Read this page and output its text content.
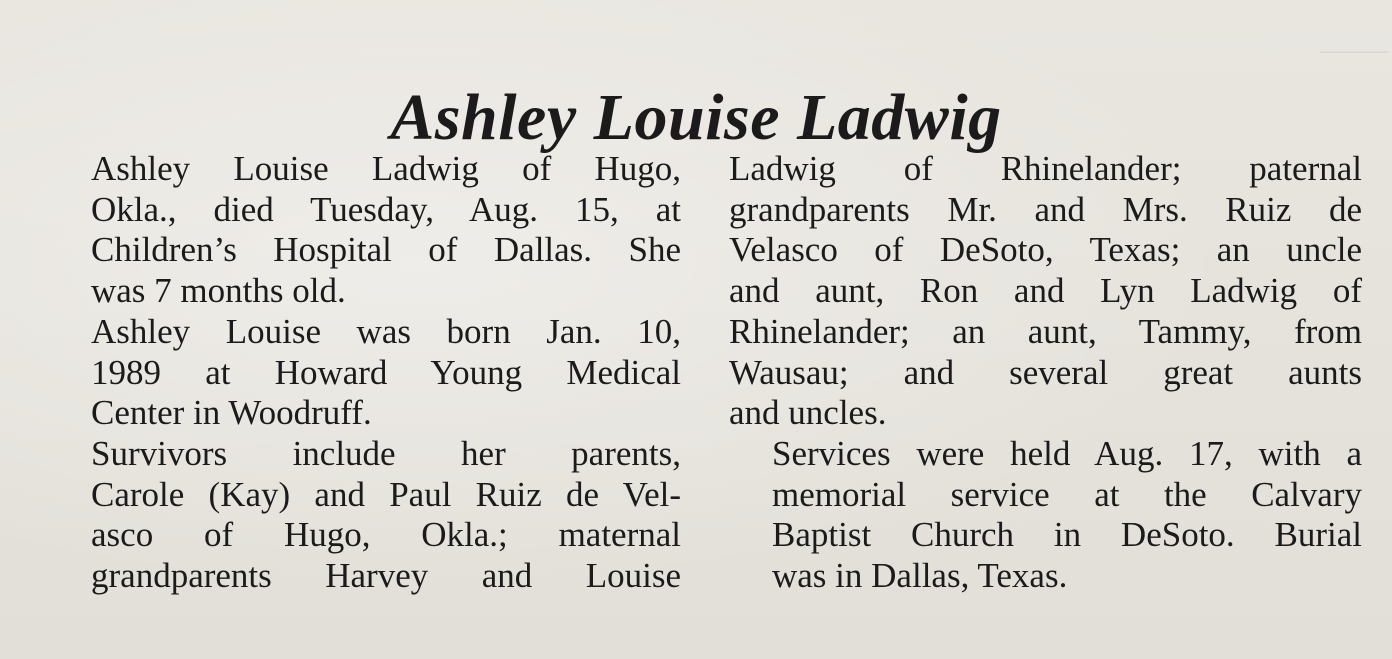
——
Ashley Louise Ladwig

Ashley Louise Ladwig of Hugo,
Okla., died Tuesday, Aug. 15, at
Children’s Hospital of Dallas. She
was 7 months old.

Ashley Louise was born Jan. 10,
1989 at Howard Young Medical
Center in Woodruff.

Survivors include her parents,
Carole (Kay) and Paul Ruiz de Vel-
asco of Hugo, Okla.; maternal
grandparents Harvey and Louise

Ladwig of Rhinelander; paternal
grandparents Mr. and Mrs. Ruiz de
Velasco of DeSoto, Texas; an uncle
and aunt, Ron and Lyn Ladwig of
Rhinelander; an aunt, Tammy, from
Wausau; and several great aunts
and uncles.

Services were held Aug. 17, with a
memorial service at the Calvary
Baptist Church in DeSoto. Burial
was in Dallas, Texas.
